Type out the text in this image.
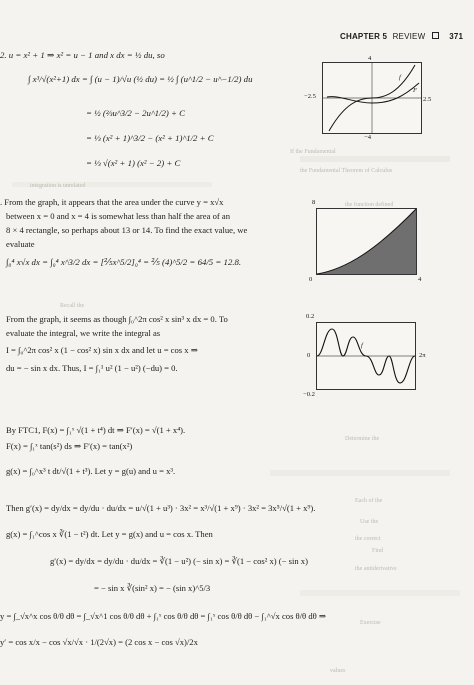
If the Fundamental
the Fundamental Theorem of Calculus
integration is unrelated
the function defined
Recall the
Determine the
Each of the
Use the
the correct
Find
the antiderivative
Exercise
values
CHAPTER 5 REVIEW	371
2. u = x² + 1 ⇒ x² = u − 1 and x dx = ½ du, so
∫ x³/√(x²+1) dx = ∫ (u − 1)/√u (½ du) = ½ ∫ (u^1/2 − u^−1/2) du
= ½ (⅔u^3/2 − 2u^1/2) + C
= ⅓ (x² + 1)^3/2 − (x² + 1)^1/2 + C
= ⅓ √(x² + 1) (x² − 2) + C
4
−4
−2.5	2.5
f
F
. From the graph, it appears that the area under the curve y = x√x
between x = 0 and x = 4 is somewhat less than half the area of an
8 × 4 rectangle, so perhaps about 13 or 14. To find the exact value, we
evaluate
∫₀⁴ x√x dx = ∫₀⁴ x^3/2 dx = [⅖x^5/2]₀⁴ = ⅖ (4)^5/2 = 64/5 = 12.8.
8
0	4
From the graph, it seems as though ∫₀^2π cos² x sin³ x dx = 0. To
evaluate the integral, we write the integral as
I = ∫₀^2π cos² x (1 − cos² x) sin x dx and let u = cos x ⇒
du = − sin x dx. Thus, I = ∫₁¹ u² (1 − u²) (−du) = 0.
0.2
−0.2
0	2π
f
By FTC1, F(x) = ∫₁ˣ √(1 + t⁴) dt ⇒ F′(x) = √(1 + x⁴).
F(x) = ∫₁ˣ tan(s²) ds ⇒ F′(x) = tan(x²)
g(x) = ∫₀^x³ t dt/√(1 + t³). Let y = g(u) and u = x³.
Then g′(x) = dy/dx = dy/du · du/dx = u/√(1 + u³) · 3x² = x³/√(1 + x⁹) · 3x² = 3x⁵/√(1 + x⁹).
g(x) = ∫₁^cos x ∛(1 − t²) dt. Let y = g(x) and u = cos x. Then
g′(x) = dy/dx = dy/du · du/dx = ∛(1 − u²) (− sin x) = ∛(1 − cos² x) (− sin x)
= − sin x ∛(sin² x) = − (sin x)^5/3
y = ∫_√x^x cos θ/θ dθ = ∫_√x^1 cos θ/θ dθ + ∫₁ˣ cos θ/θ dθ = ∫₁ˣ cos θ/θ dθ − ∫₁^√x cos θ/θ dθ ⇒
y′ = cos x/x − cos √x/√x · 1/(2√x) = (2 cos x − cos √x)/2x
